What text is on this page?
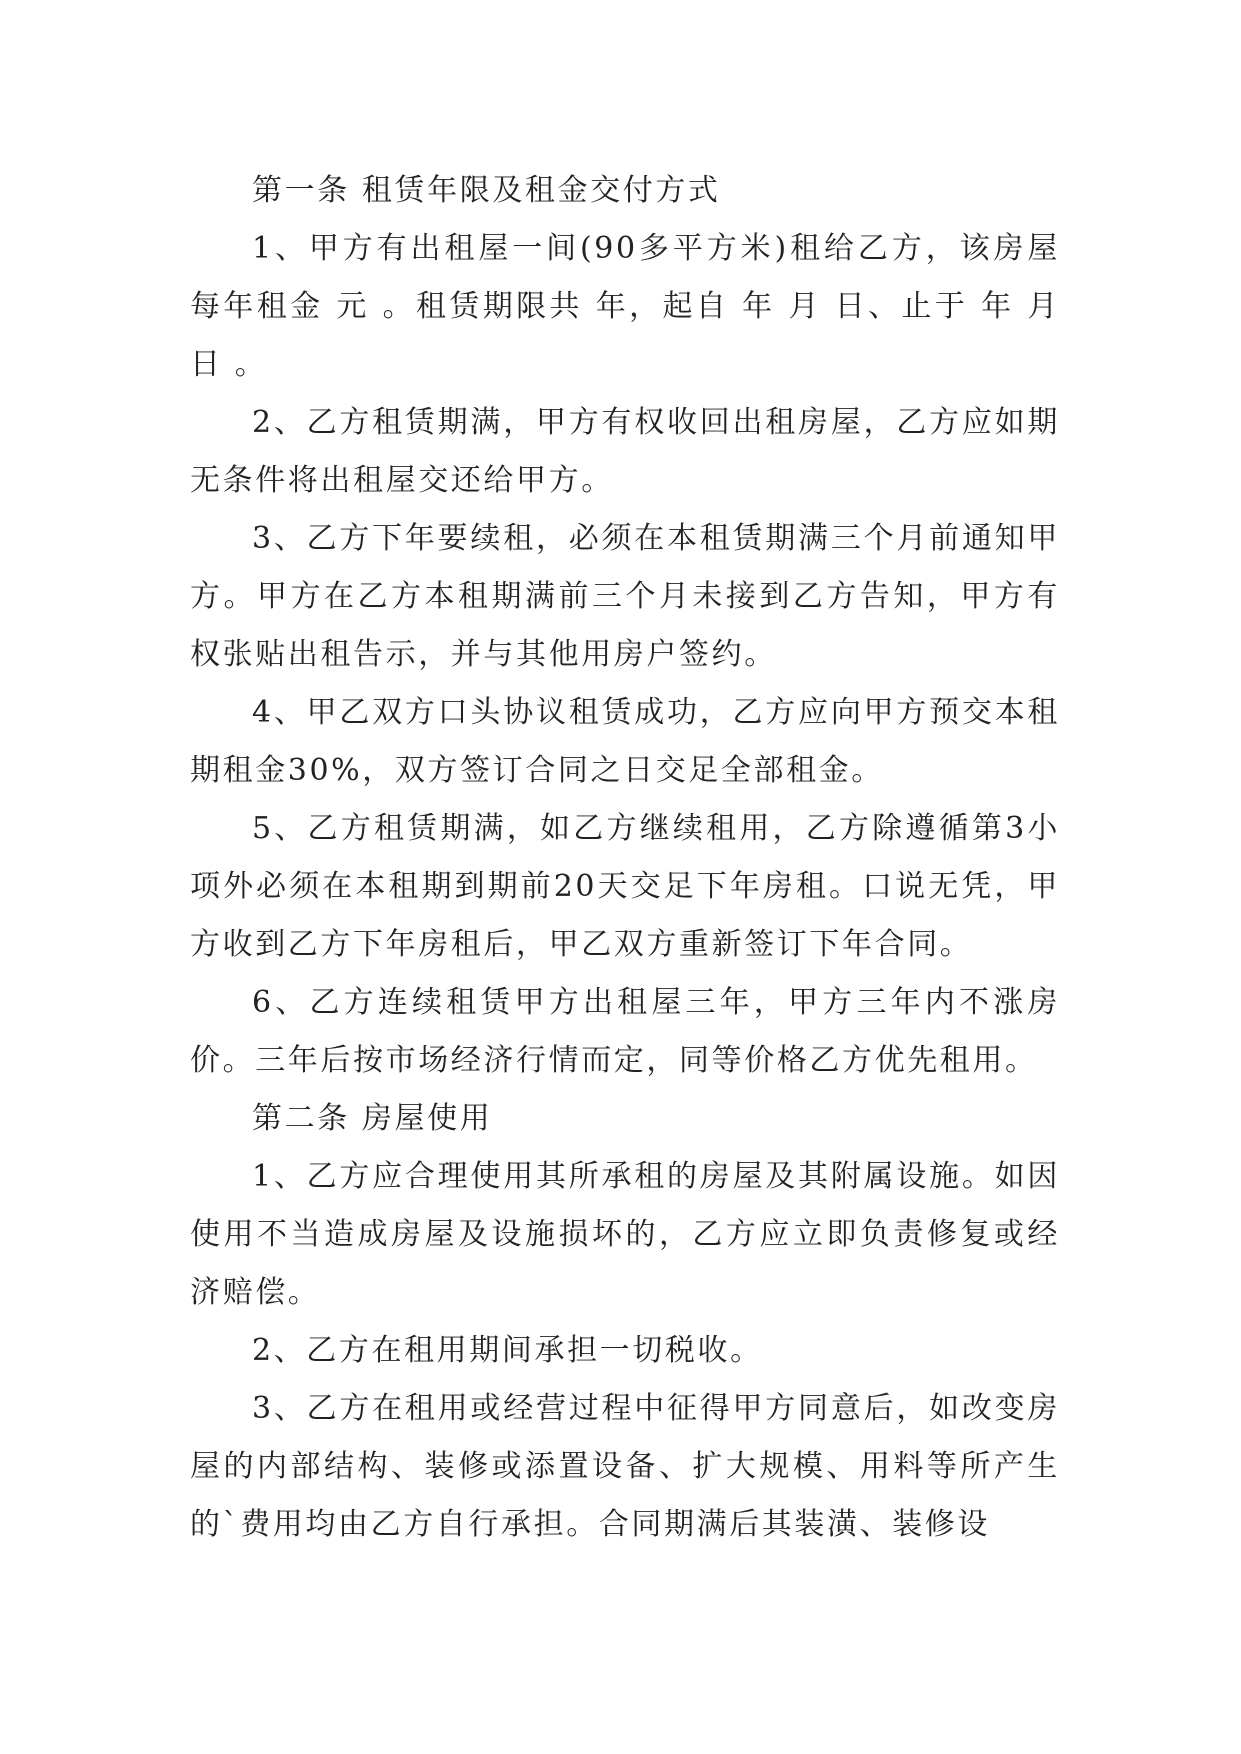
第一条 租赁年限及租金交付方式

1、甲方有出租屋一间(90多平方米)租给乙方，该房屋每年租金 元 。租赁期限共 年，起自 年 月 日、止于 年 月 日 。

2、乙方租赁期满，甲方有权收回出租房屋，乙方应如期无条件将出租屋交还给甲方。

3、乙方下年要续租，必须在本租赁期满三个月前通知甲方。甲方在乙方本租期满前三个月未接到乙方告知，甲方有权张贴出租告示，并与其他用房户签约。

4、甲乙双方口头协议租赁成功，乙方应向甲方预交本租期租金30%，双方签订合同之日交足全部租金。

5、乙方租赁期满，如乙方继续租用，乙方除遵循第3小项外必须在本租期到期前20天交足下年房租。口说无凭，甲方收到乙方下年房租后，甲乙双方重新签订下年合同。

6、乙方连续租赁甲方出租屋三年，甲方三年内不涨房价。三年后按市场经济行情而定，同等价格乙方优先租用。

第二条 房屋使用

1、乙方应合理使用其所承租的房屋及其附属设施。如因使用不当造成房屋及设施损坏的，乙方应立即负责修复或经济赔偿。

2、乙方在租用期间承担一切税收。

3、乙方在租用或经营过程中征得甲方同意后，如改变房屋的内部结构、装修或添置设备、扩大规模、用料等所产生的`费用均由乙方自行承担。合同期满后其装潢、装修设
